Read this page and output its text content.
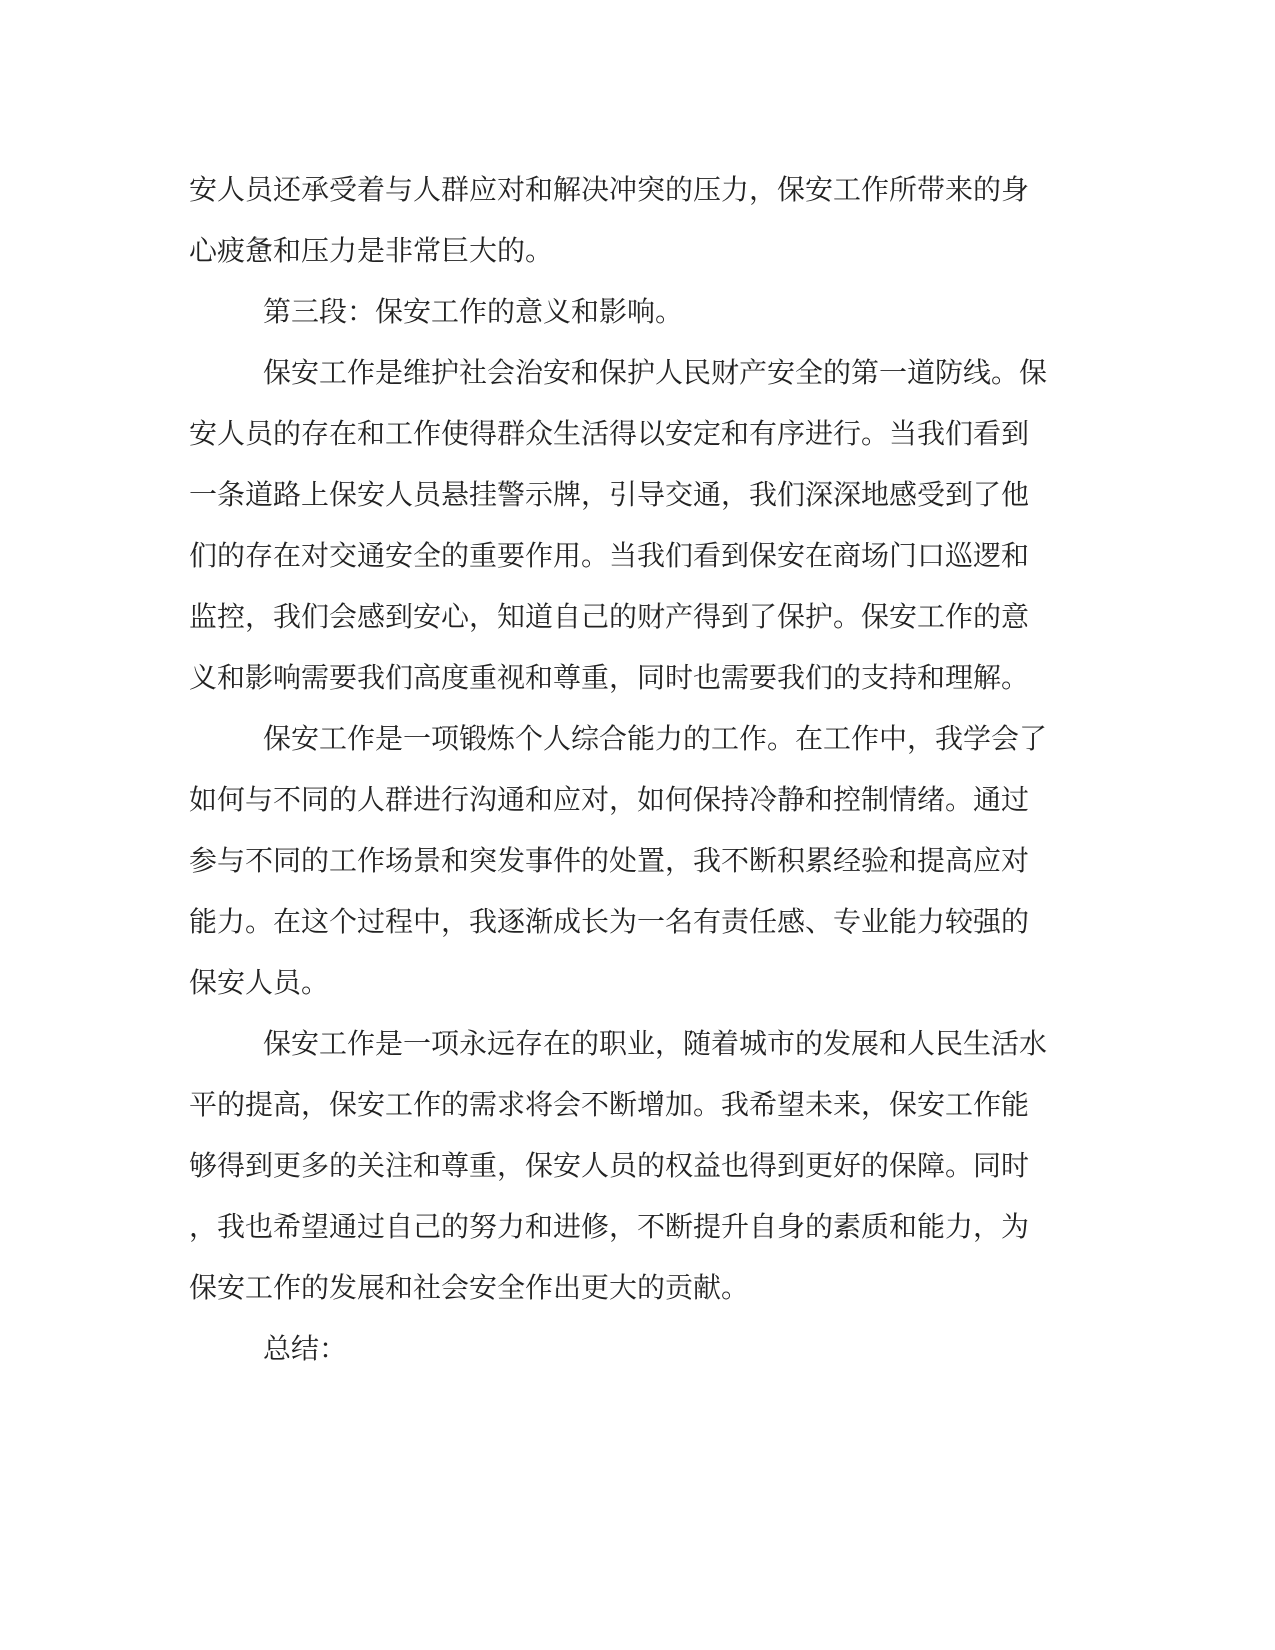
安人员还承受着与人群应对和解决冲突的压力，保安工作所带来的身
心疲惫和压力是非常巨大的。
第三段：保安工作的意义和影响。
保安工作是维护社会治安和保护人民财产安全的第一道防线。保
安人员的存在和工作使得群众生活得以安定和有序进行。当我们看到
一条道路上保安人员悬挂警示牌，引导交通，我们深深地感受到了他
们的存在对交通安全的重要作用。当我们看到保安在商场门口巡逻和
监控，我们会感到安心，知道自己的财产得到了保护。保安工作的意
义和影响需要我们高度重视和尊重，同时也需要我们的支持和理解。
保安工作是一项锻炼个人综合能力的工作。在工作中，我学会了
如何与不同的人群进行沟通和应对，如何保持冷静和控制情绪。通过
参与不同的工作场景和突发事件的处置，我不断积累经验和提高应对
能力。在这个过程中，我逐渐成长为一名有责任感、专业能力较强的
保安人员。
保安工作是一项永远存在的职业，随着城市的发展和人民生活水
平的提高，保安工作的需求将会不断增加。我希望未来，保安工作能
够得到更多的关注和尊重，保安人员的权益也得到更好的保障。同时
，我也希望通过自己的努力和进修，不断提升自身的素质和能力，为
保安工作的发展和社会安全作出更大的贡献。
总结：
